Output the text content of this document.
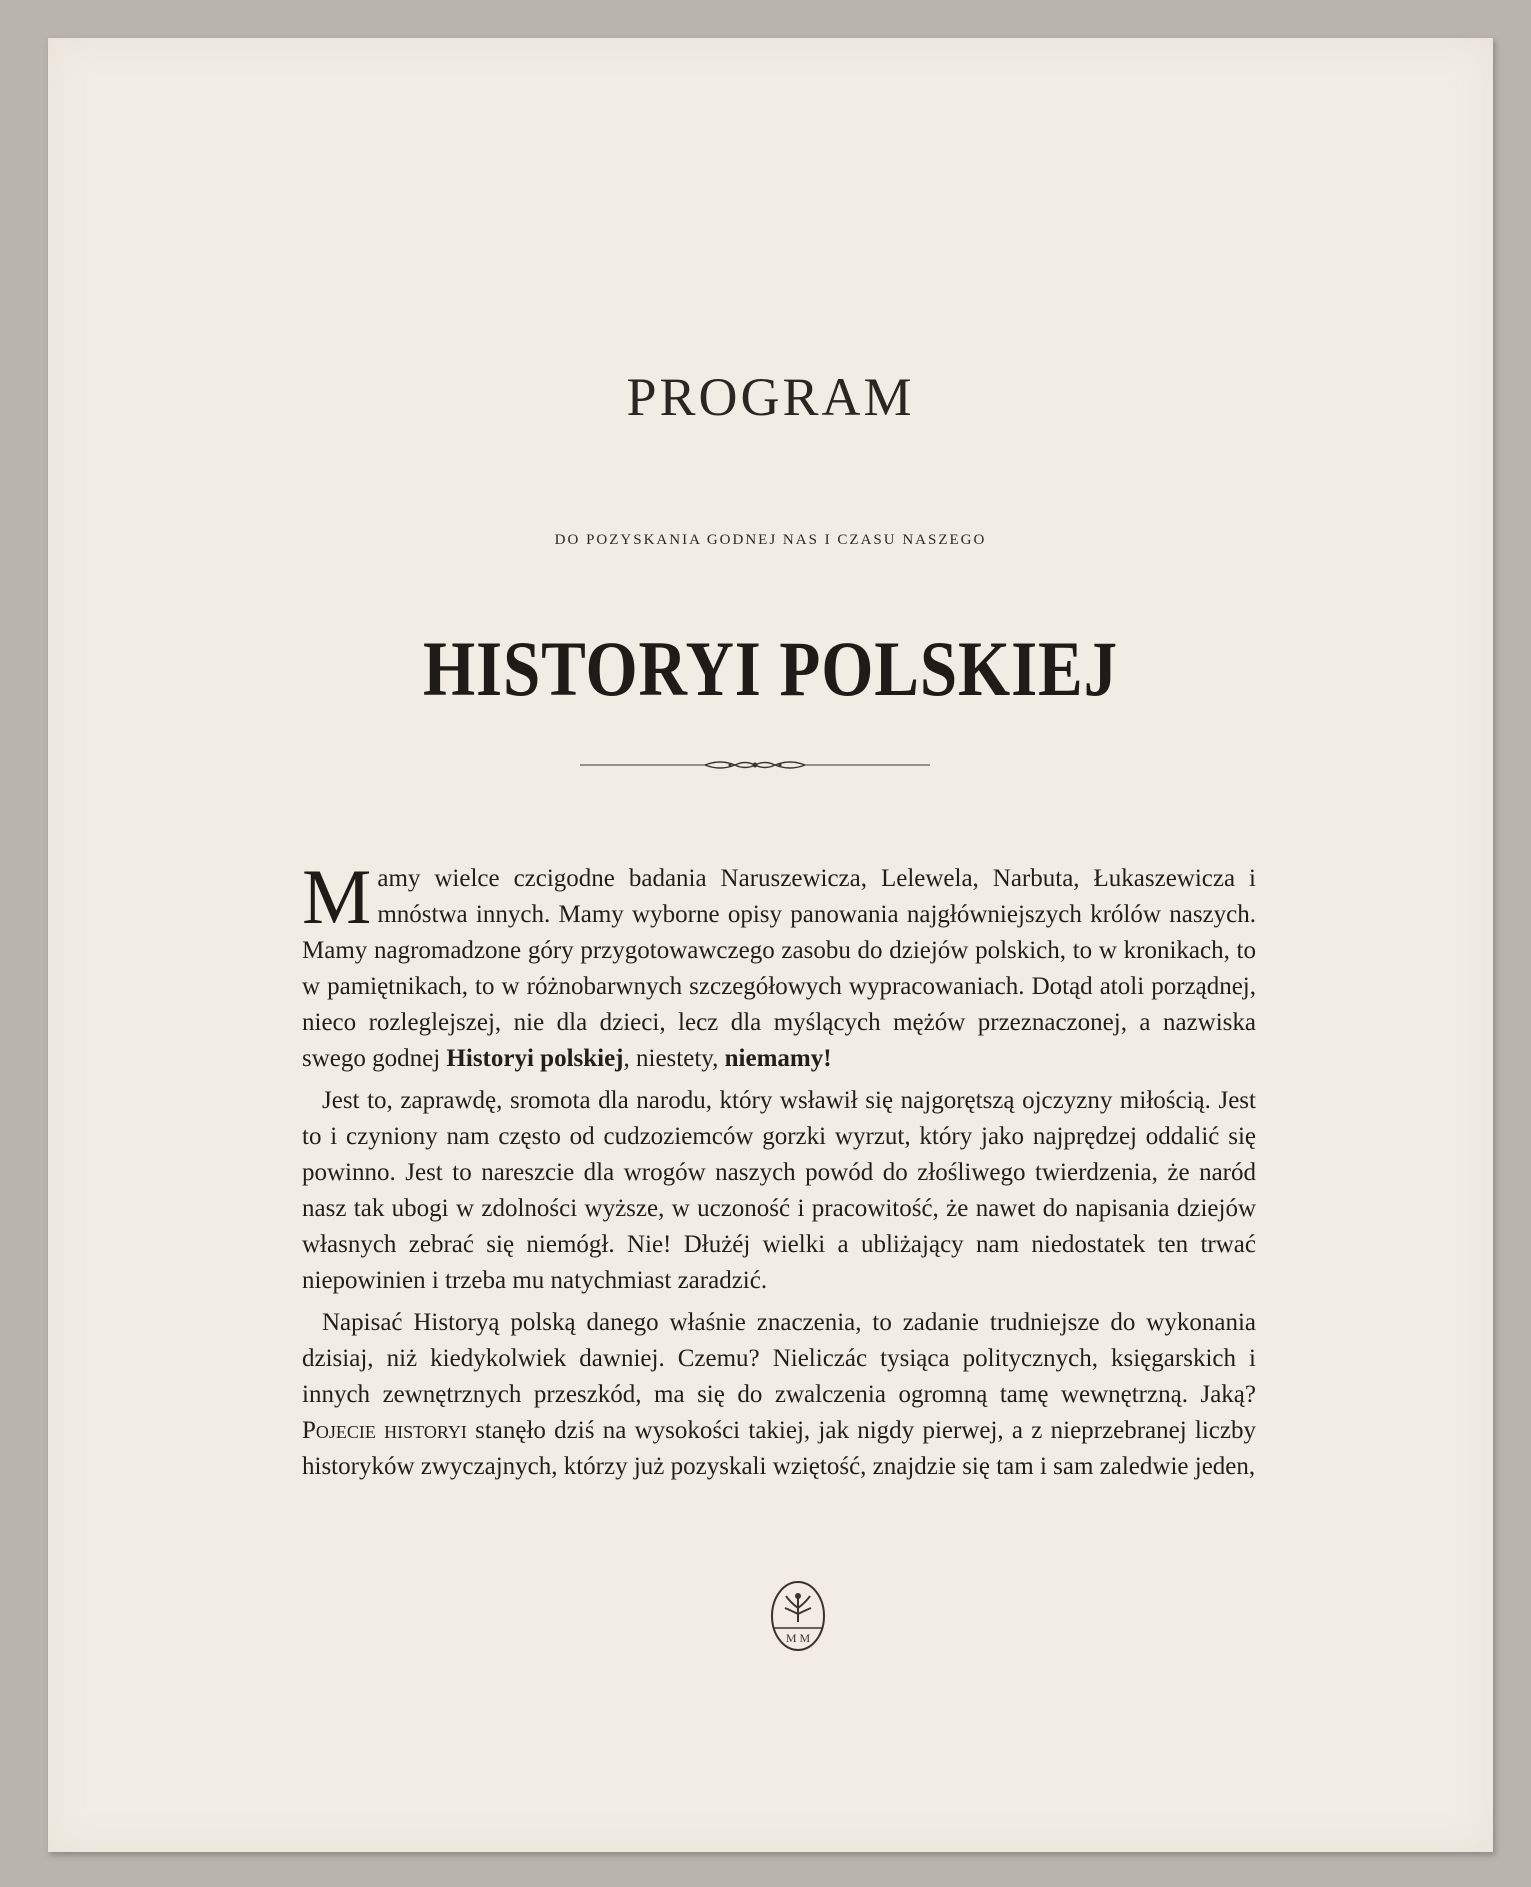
PROGRAM
DO POZYSKANIA GODNEJ NAS I CZASU NASZEGO
HISTORYI POLSKIEJ

Mamy wielce czcigodne badania Naruszewicza, Lelewela, Narbuta, Łukaszewicza i mnóstwa innych. Mamy wyborne opisy panowania najgłówniejszych królów naszych. Mamy nagromadzone góry przygotowawczego zasobu do dziejów polskich, to w kronikach, to w pamiętnikach, to w różnobarwnych szczegółowych wypracowaniach. Dotąd atoli porządnej, nieco rozleglejszej, nie dla dzieci, lecz dla myślących mężów przeznaczonej, a nazwiska swego godnej Historyi polskiej, niestety, niemamy!

Jest to, zaprawdę, sromota dla narodu, który wsławił się najgorętszą ojczyzny miłością. Jest to i czyniony nam często od cudzoziemców gorzki wyrzut, który jako najprędzej oddalić się powinno. Jest to nareszcie dla wrogów naszych powód do złośliwego twierdzenia, że naród nasz tak ubogi w zdolności wyższe, w uczoność i pracowitość, że nawet do napisania dziejów własnych zebrać się niemógł. Nie! Dłużéj wielki a ubliżający nam niedostatek ten trwać niepowinien i trzeba mu natychmiast zaradzić.

Napisać Historyą polską danego właśnie znaczenia, to zadanie trudniejsze do wykonania dzisiaj, niż kiedykolwiek dawniej. Czemu? Nieliczác tysiąca politycznych, księgarskich i innych zewnętrznych przeszkód, ma się do zwalczenia ogromną tamę wewnętrzną. Jaką? Pojecie historyi stanęło dziś na wysokości takiej, jak nigdy pierwej, a z nieprzebranej liczby historyków zwyczajnych, którzy już pozyskali wziętość, znajdzie się tam i sam zaledwie jeden,

M M
